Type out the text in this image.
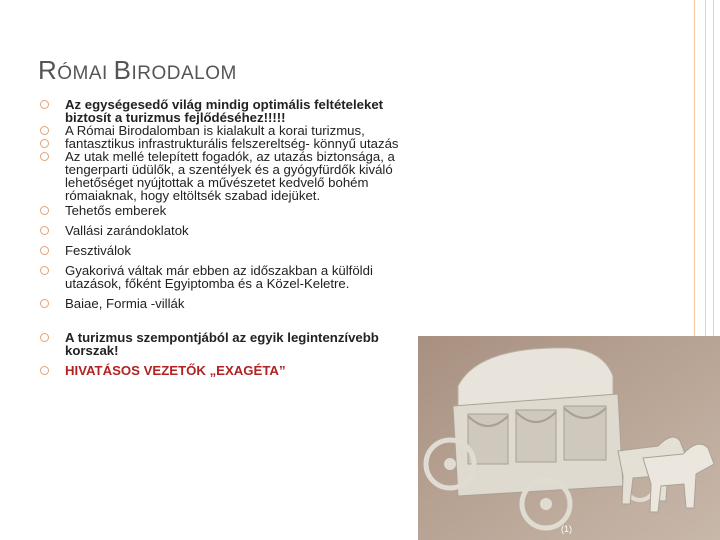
RÓMAI BIRODALOM
Az egységesedő világ mindig optimális feltételeket biztosít a turizmus fejlődéséhez!!!!!
A Római Birodalomban is kialakult a korai turizmus,
fantasztikus infrastrukturális felszereltség- könnyű utazás
Az utak mellé telepített fogadók, az utazás biztonsága, a tengerparti üdülők, a szentélyek és a gyógyfürdők kiváló lehetőséget nyújtottak a művészetet kedvelő bohém rómaiaknak, hogy eltöltsék szabad idejüket.
Tehetős emberek
Vallási zarándoklatok
Fesztiválok
Gyakorivá váltak már ebben az időszakban a külföldi utazások, főként Egyiptomba és a Közel-Keletre.
Baiae, Formia -villák
A turizmus szempontjából az egyik legintenzívebb korszak!
HIVATÁSOS VEZETŐK „EXAGÉTA”
(1)
